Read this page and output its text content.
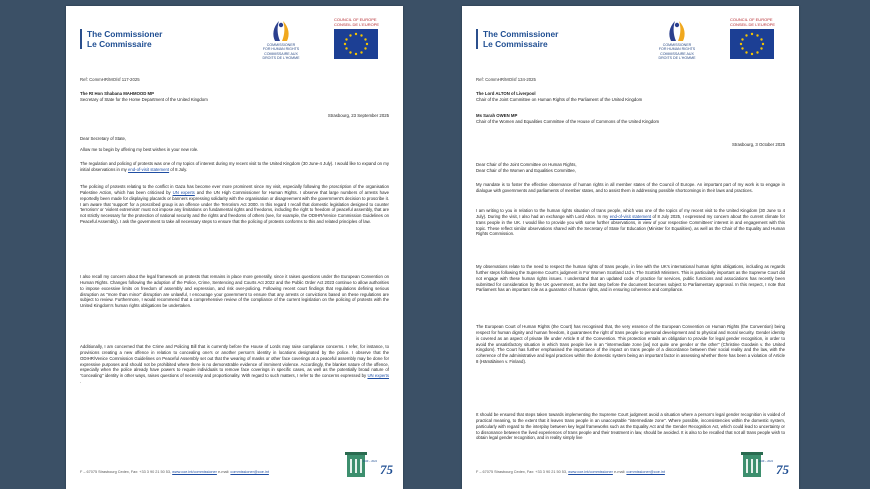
The Commissioner
Le Commissaire	COMMISSIONER
FOR HUMAN RIGHTS
COMMISSAIRE AUX
DROITS DE L'HOMME
COUNCIL OF EUROPE
CONSEIL DE L'EUROPE
Ref: CommHR/MO/sf 117-2025
The Rt Hon Shabana MAHMOOD MP
Secretary of State for the Home Department of the United Kingdom
Strasbourg, 23 September 2025
Dear Secretary of State,
Allow me to begin by offering my best wishes in your new role.
The regulation and policing of protests was one of my topics of interest during my recent visit to the United Kingdom (30 June-4 July). I would like to expand on my initial observations in my end-of-visit statement of 8 July.
The policing of protests relating to the conflict in Gaza has become ever more prominent since my visit, especially following the proscription of the organisation Palestine Action, which has been criticised by UN experts and the UN High Commissioner for Human Rights. I observe that large numbers of arrests have reportedly been made for displaying placards or banners expressing solidarity with the organisation or disagreement with the government's decision to proscribe it. I am aware that 'support' for a proscribed group is an offence under the Terrorism Act 2000. In this regard I recall that domestic legislation designed to counter 'terrorism' or 'violent extremism' must not impose any limitations on fundamental rights and freedoms, including the right to freedom of peaceful assembly, that are not strictly necessary for the protection of national security and the rights and freedoms of others (see, for example, the ODIHR/Venice Commission Guidelines on Peaceful Assembly). I ask the government to take all necessary steps to ensure that the policing of protests conforms to this and related principles of law.
I also recall my concern about the legal framework on protests that remains in place more generally, since it raises questions under the European Convention on Human Rights. Changes following the adoption of the Police, Crime, Sentencing and Courts Act 2022 and the Public Order Act 2023 continue to allow authorities to impose excessive limits on freedom of assembly and expression, and risk over-policing. Following recent court findings that regulations defining serious disruption as "more than minor" disruption are unlawful, I encourage your government to ensure that any arrests or convictions based on these regulations are subject to review. Furthermore, I would recommend that a comprehensive review of the compliance of the current legislation on the policing of protests with the United Kingdom's human rights obligations be undertaken.
Additionally, I am concerned that the Crime and Policing Bill that is currently before the House of Lords may raise compliance concerns. I refer, for instance, to provisions creating a new offence in relation to concealing one's or another person's identity in locations designated by the police. I observe that the ODIHR/Venice Commission Guidelines on Peaceful Assembly set out that the wearing of masks or other face coverings at a peaceful assembly may be done for expressive purposes and should not be prohibited where there is no demonstrable evidence of imminent violence. Accordingly, the blanket nature of the offence, especially when the police already have powers to require individuals to remove face coverings in specific cases, as well as the potentially broad nature of "concealing" identity in other ways, raises questions of necessity and proportionality. With regard to such matters, I refer to the concerns expressed by UN experts .
F – 67075 Strasbourg Cedex, Fax: +33 3 90 21 50 53, www.coe.int/commissioner e-mail: commissioner@coe.int
1949 – 2024
75
The Commissioner
Le Commissaire	COMMISSIONER
FOR HUMAN RIGHTS
COMMISSAIRE AUX
DROITS DE L'HOMME
COUNCIL OF EUROPE
CONSEIL DE L'EUROPE
Ref: CommHR/MO/sf 134-2025
The Lord ALTON of Liverpool
Chair of the Joint Committee on Human Rights of the Parliament of the United Kingdom
Ms Sarah OWEN MP
Chair of the Women and Equalities Committee of the House of Commons of the United Kingdom
Strasbourg, 3 October 2025
Dear Chair of the Joint Committee on Human Rights,
Dear Chair of the Women and Equalities Committee,
My mandate is to foster the effective observance of human rights in all member states of the Council of Europe. An important part of my work is to engage in dialogue with governments and parliaments of member states, and to assist them in addressing possible shortcomings in their laws and practices.
I am writing to you in relation to the human rights situation of trans people, which was one of the topics of my recent visit to the United Kingdom (30 June to 4 July). During the visit, I also had an exchange with Lord Alton. In my end-of-visit statement of 8 July 2025, I expressed my concern about the current climate for trans people in the UK. I would like to provide you with some further observations, in view of your respective Committees' interest in and engagement with this topic. These reflect similar observations shared with the Secretary of State for Education (Minister for Equalities), as well as the Chair of the Equality and Human Rights Commission.
My observations relate to the need to respect the human rights of trans people, in line with the UK's international human rights obligations, including as regards further steps following the Supreme Court's judgment in For Women Scotland Ltd v. The Scottish Ministers. This is particularly important as the Supreme Court did not engage with these human rights issues. I understand that an updated code of practice for services, public functions and associations has recently been submitted for consideration by the UK government, as the last step before the document becomes subject to Parliamentary approval. In this respect, I note that Parliament has an important role as a guarantor of human rights, and in ensuring coherence and compliance.
The European Court of Human Rights (the Court) has recognised that, the very essence of the European Convention on Human Rights (the Convention) being respect for human dignity and human freedom, it guarantees the right of trans people to personal development and to physical and moral security. Gender identity is covered as an aspect of private life under Article 8 of the Convention. This protection entails an obligation to provide for legal gender recognition, in order to avoid the unsatisfactory situation in which trans people live in an "intermediate zone [as] not quite one gender or the other" (Christine Goodwin v. the United Kingdom). The Court has further emphasised the importance of the impact on trans people of a discordance between their social reality and the law, with the coherence of the administrative and legal practices within the domestic system being an important factor in assessing whether there has been a violation of Article 8 (Hämäläinen v. Finland).
It should be ensured that steps taken towards implementing the Supreme Court judgment avoid a situation where a person's legal gender recognition is voided of practical meaning, to the extent that it leaves trans people in an unacceptable "intermediate zone". Where possible, inconsistencies within the domestic system, particularly with regard to the interplay between key legal frameworks such as the Equality Act and the Gender Recognition Act, which could lead to uncertainty or to dissonance between the lived experiences of trans people and their treatment in law, should be avoided. It is also to be recalled that not all trans people wish to obtain legal gender recognition, and in reality simply live
F – 67075 Strasbourg Cedex, Fax: +33 3 90 21 50 53, www.coe.int/commissioner e-mail: commissioner@coe.int
1949 – 2024
75
